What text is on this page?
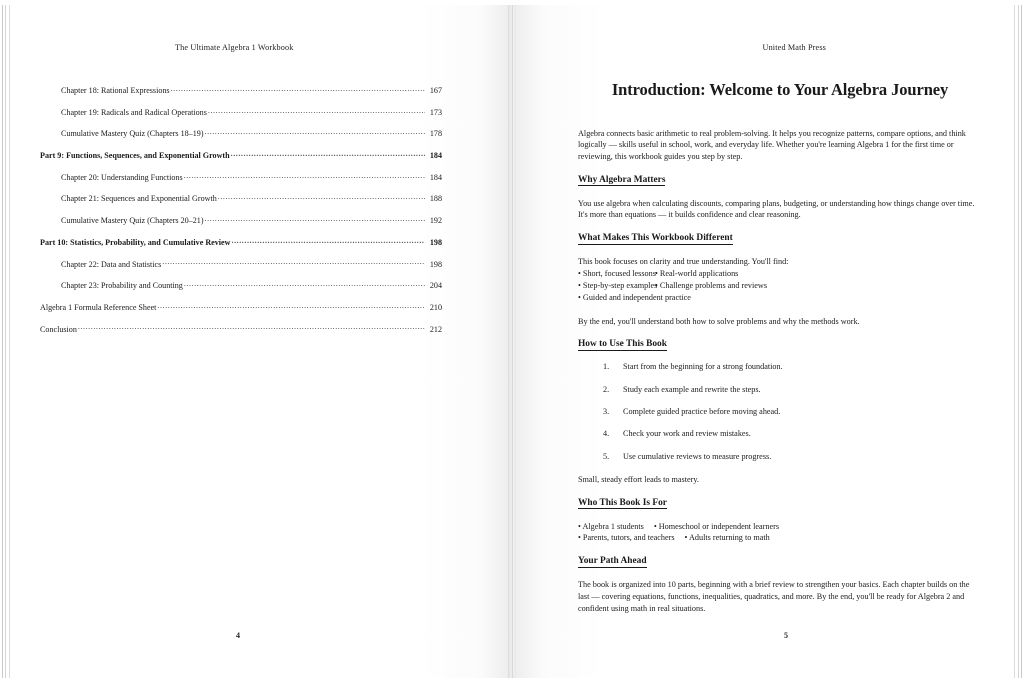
The Ultimate Algebra 1 Workbook
Chapter 18: Rational Expressions .....	167
Chapter 19: Radicals and Radical Operations .....	173
Cumulative Mastery Quiz (Chapters 18–19) .....	178
Part 9: Functions, Sequences, and Exponential Growth .....	184
Chapter 20: Understanding Functions .....	184
Chapter 21: Sequences and Exponential Growth .....	188
Cumulative Mastery Quiz (Chapters 20–21) .....	192
Part 10: Statistics, Probability, and Cumulative Review .....	198
Chapter 22: Data and Statistics .....	198
Chapter 23: Probability and Counting .....	204
Algebra 1 Formula Reference Sheet .....	210
Conclusion .....	212
4
United Math Press
Introduction: Welcome to Your Algebra Journey

Algebra connects basic arithmetic to real problem-solving. It helps you recognize patterns, compare options, and think logically — skills useful in school, work, and everyday life. Whether you're learning Algebra 1 for the first time or reviewing, this workbook guides you step by step.

Why Algebra Matters

You use algebra when calculating discounts, comparing plans, budgeting, or understanding how things change over time. It's more than equations — it builds confidence and clear reasoning.

What Makes This Workbook Different
This book focuses on clarity and true understanding. You'll find:
• Short, focused lessons • Real-world applications
• Step-by-step examples
• Challenge problems and reviews
• Guided and independent practice

By the end, you'll understand both how to solve problems and why the methods work.

How to Use This Book
1. Start from the beginning for a strong foundation.
2. Study each example and rewrite the steps.
3. Complete guided practice before moving ahead.
4. Check your work and review mistakes.
5. Use cumulative reviews to measure progress.

Small, steady effort leads to mastery.

Who This Book Is For
• Algebra 1 students • Homeschool or independent learners
• Parents, tutors, and teachers • Adults returning to math
Your Path Ahead

The book is organized into 10 parts, beginning with a brief review to strengthen your basics. Each chapter builds on the last — covering equations, functions, inequalities, quadratics, and more. By the end, you'll be ready for Algebra 2 and confident using math in real situations.

5
